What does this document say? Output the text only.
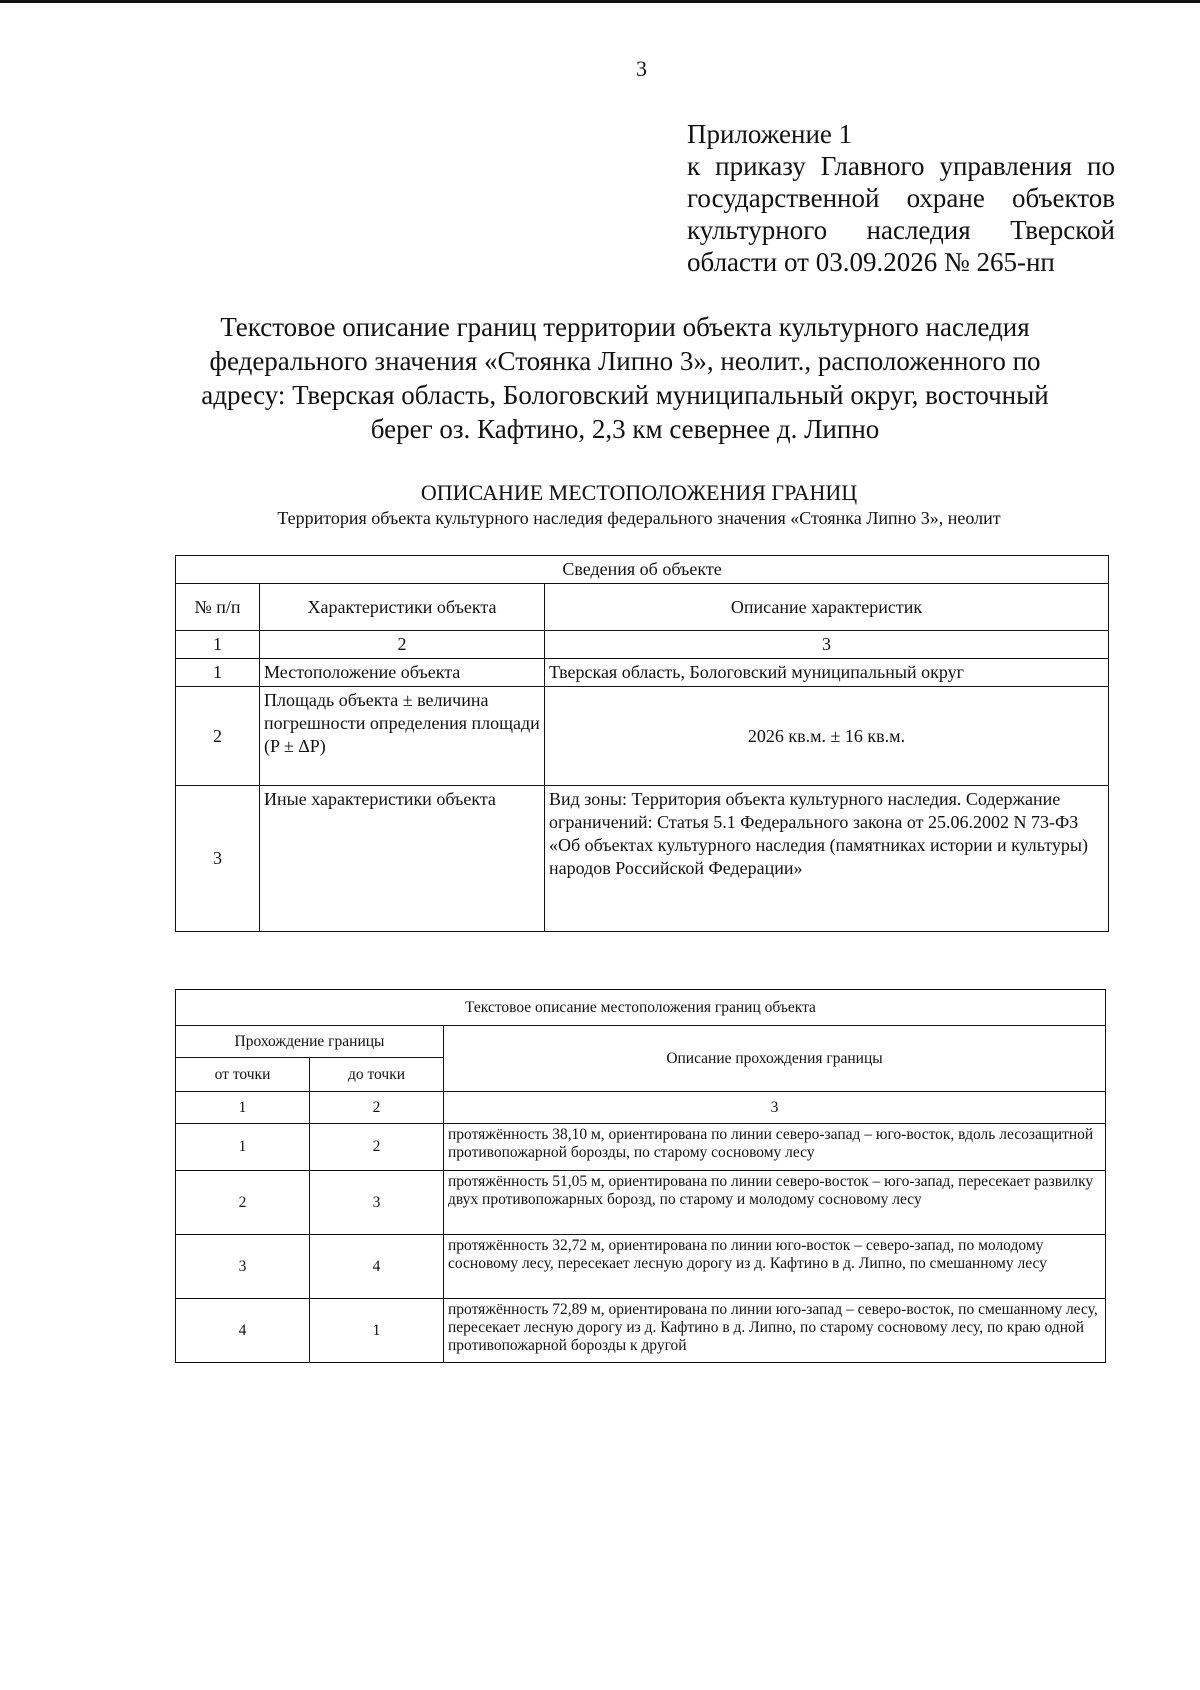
3
Приложение 1
к приказу Главного управления по
государственной охране объектов
культурного наследия Тверской
области от 03.09.2026 № 265-нп
Текстовое описание границ территории объекта культурного наследия
федерального значения «Стоянка Липно 3», неолит., расположенного по
адресу: Тверская область, Бологовский муниципальный округ, восточный
берег оз. Кафтино, 2,3 км севернее д. Липно
ОПИСАНИЕ МЕСТОПОЛОЖЕНИЯ ГРАНИЦ
Территория объекта культурного наследия федерального значения «Стоянка Липно 3», неолит
Сведения об объекте		
№ п/п	Характеристики объекта	Описание характеристик
1	2	3
1	Местоположение объекта	Тверская область, Бологовский муниципальный округ
2	Площадь объекта ± величина погрешности определения площади (P ± ΔP)	2026 кв.м. ± 16 кв.м.
3	Иные характеристики объекта	Вид зоны: Территория объекта культурного наследия. Содержание ограничений: Статья 5.1 Федерального закона от 25.06.2002 N 73-ФЗ «Об объектах культурного наследия (памятниках истории и культуры) народов Российской Федерации»
Текстовое описание местоположения границ объекта		
Прохождение границы		Описание прохождения границы
от точки	до точки	
1	2	3
1	2	протяжённость 38,10 м, ориентирована по линии северо-запад – юго-восток, вдоль лесозащитной противопожарной борозды, по старому сосновому лесу
2	3	протяжённость 51,05 м, ориентирована по линии северо-восток – юго-запад, пересекает развилку двух противопожарных борозд, по старому и молодому сосновому лесу
3	4	протяжённость 32,72 м, ориентирована по линии юго-восток – северо-запад, по молодому сосновому лесу, пересекает лесную дорогу из д. Кафтино в д. Липно, по смешанному лесу
4	1	протяжённость 72,89 м, ориентирована по линии юго-запад – северо-восток, по смешанному лесу, пересекает лесную дорогу из д. Кафтино в д. Липно, по старому сосновому лесу, по краю одной противопожарной борозды к другой
